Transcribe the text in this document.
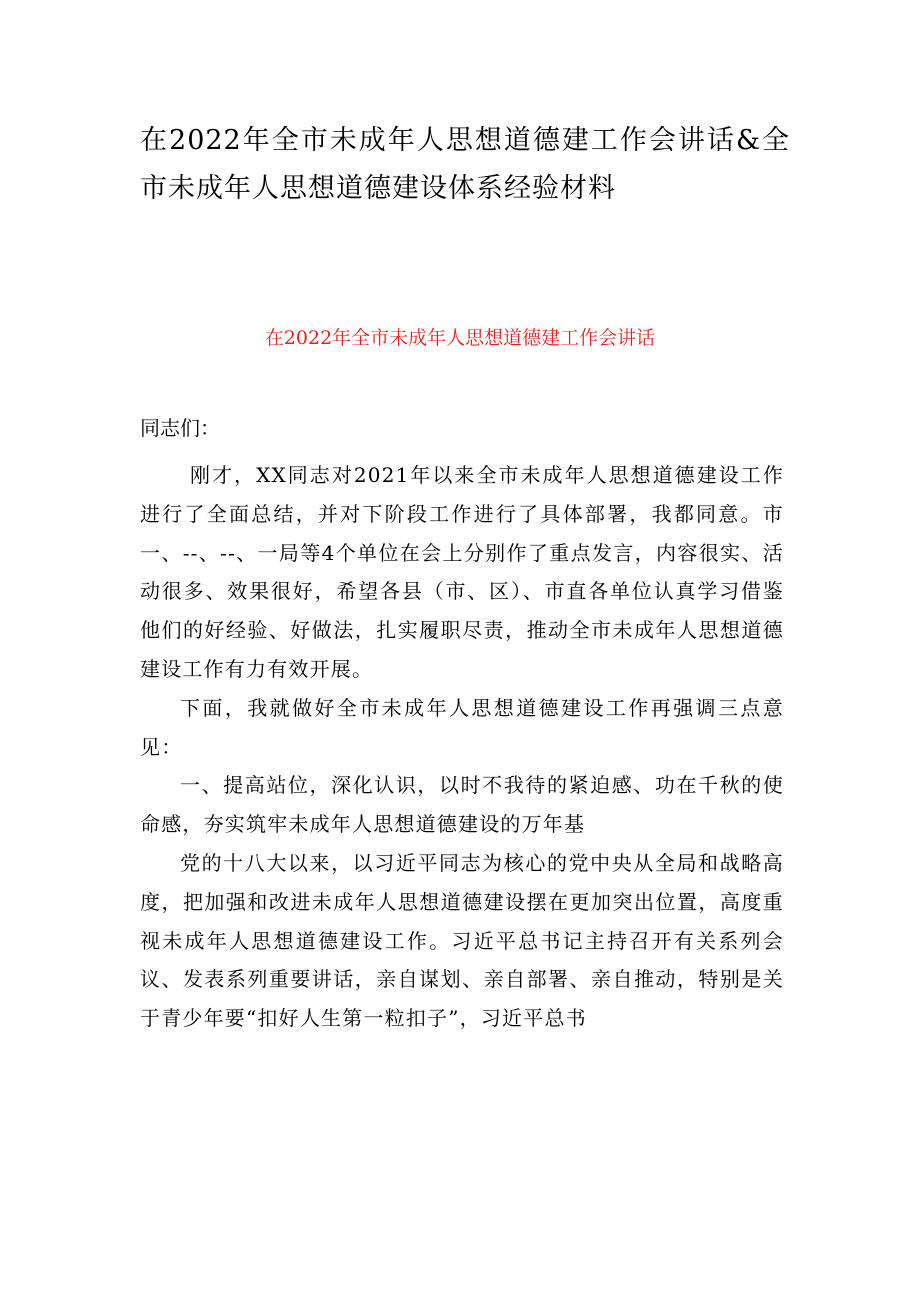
在2022年全市未成年人思想道德建工作会讲话&全市未成年人思想道德建设体系经验材料
在2022年全市未成年人思想道德建工作会讲话

同志们：

刚才，XX同志对2021年以来全市未成年人思想道德建设工作进行了全面总结，并对下阶段工作进行了具体部署，我都同意。市一、--、--、一局等4个单位在会上分别作了重点发言，内容很实、活动很多、效果很好，希望各县（市、区）、市直各单位认真学习借鉴他们的好经验、好做法，扎实履职尽责，推动全市未成年人思想道德建设工作有力有效开展。

下面，我就做好全市未成年人思想道德建设工作再强调三点意见：

一、提高站位，深化认识，以时不我待的紧迫感、功在千秋的使命感，夯实筑牢未成年人思想道德建设的万年基

党的十八大以来，以习近平同志为核心的党中央从全局和战略高度，把加强和改进未成年人思想道德建设摆在更加突出位置，高度重视未成年人思想道德建设工作。习近平总书记主持召开有关系列会议、发表系列重要讲话，亲自谋划、亲自部署、亲自推动，特别是关于青少年要“扣好人生第一粒扣子”，习近平总书
